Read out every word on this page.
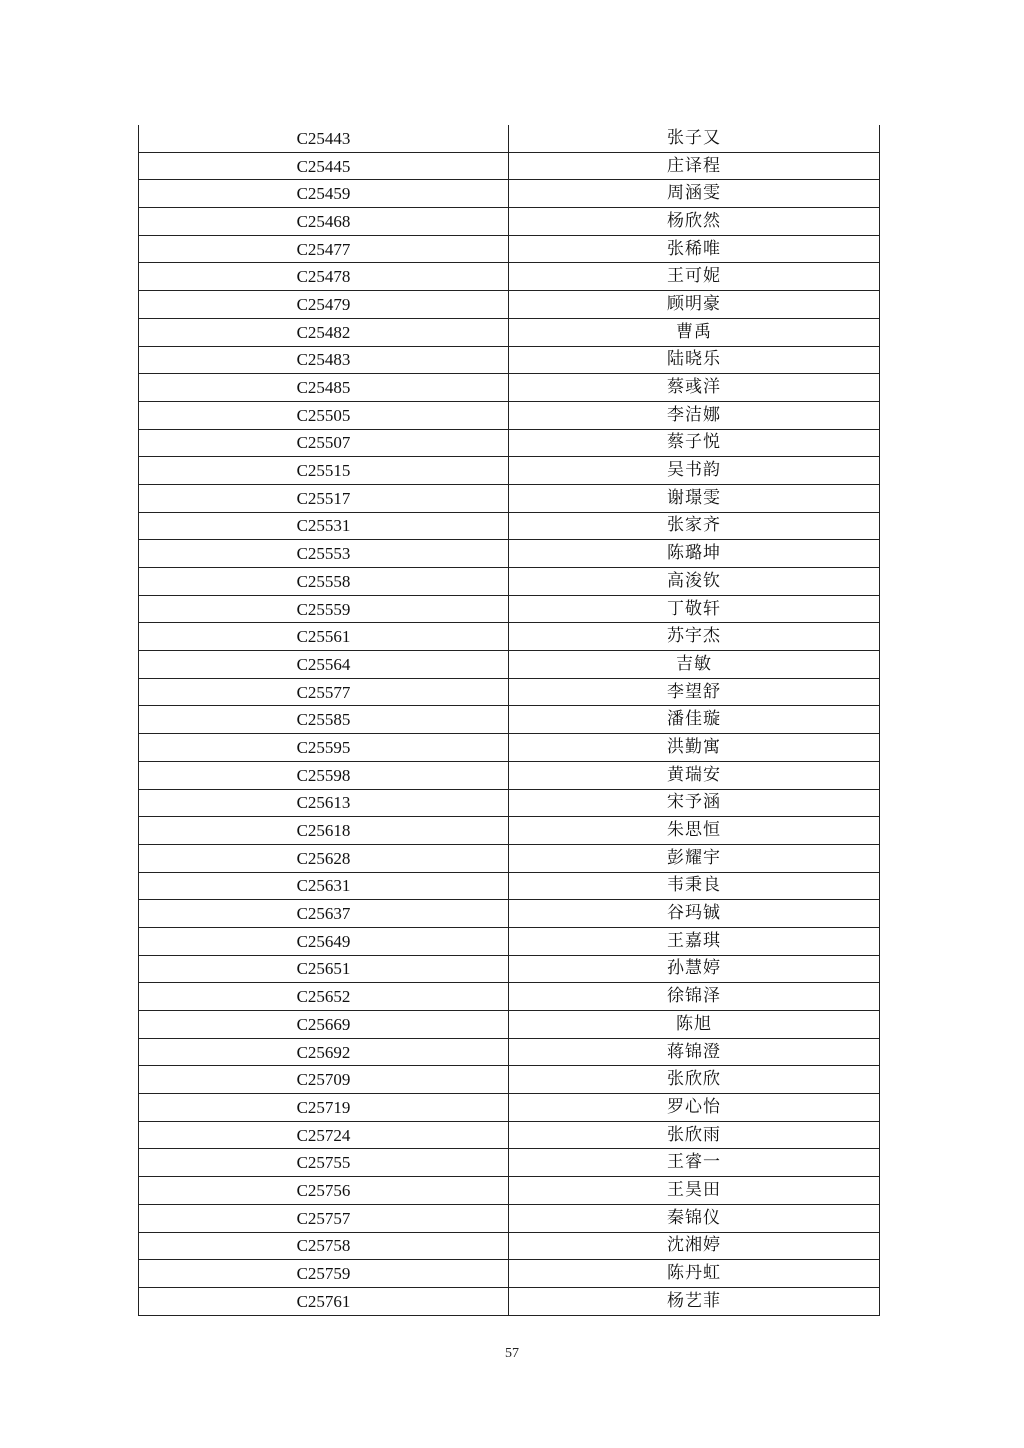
C25443	张子又
C25445	庄译程
C25459	周涵雯
C25468	杨欣然
C25477	张稀唯
C25478	王可妮
C25479	顾明豪
C25482	曹禹
C25483	陆晓乐
C25485	蔡彧洋
C25505	李洁娜
C25507	蔡子悦
C25515	吴书韵
C25517	谢璟雯
C25531	张家齐
C25553	陈璐坤
C25558	高浚钦
C25559	丁敬轩
C25561	苏宇杰
C25564	吉敏
C25577	李望舒
C25585	潘佳璇
C25595	洪勤寓
C25598	黄瑞安
C25613	宋予涵
C25618	朱思恒
C25628	彭耀宇
C25631	韦秉良
C25637	谷玛铖
C25649	王嘉琪
C25651	孙慧婷
C25652	徐锦泽
C25669	陈旭
C25692	蒋锦澄
C25709	张欣欣
C25719	罗心怡
C25724	张欣雨
C25755	王睿一
C25756	王昊田
C25757	秦锦仪
C25758	沈湘婷
C25759	陈丹虹
C25761	杨艺菲
57
